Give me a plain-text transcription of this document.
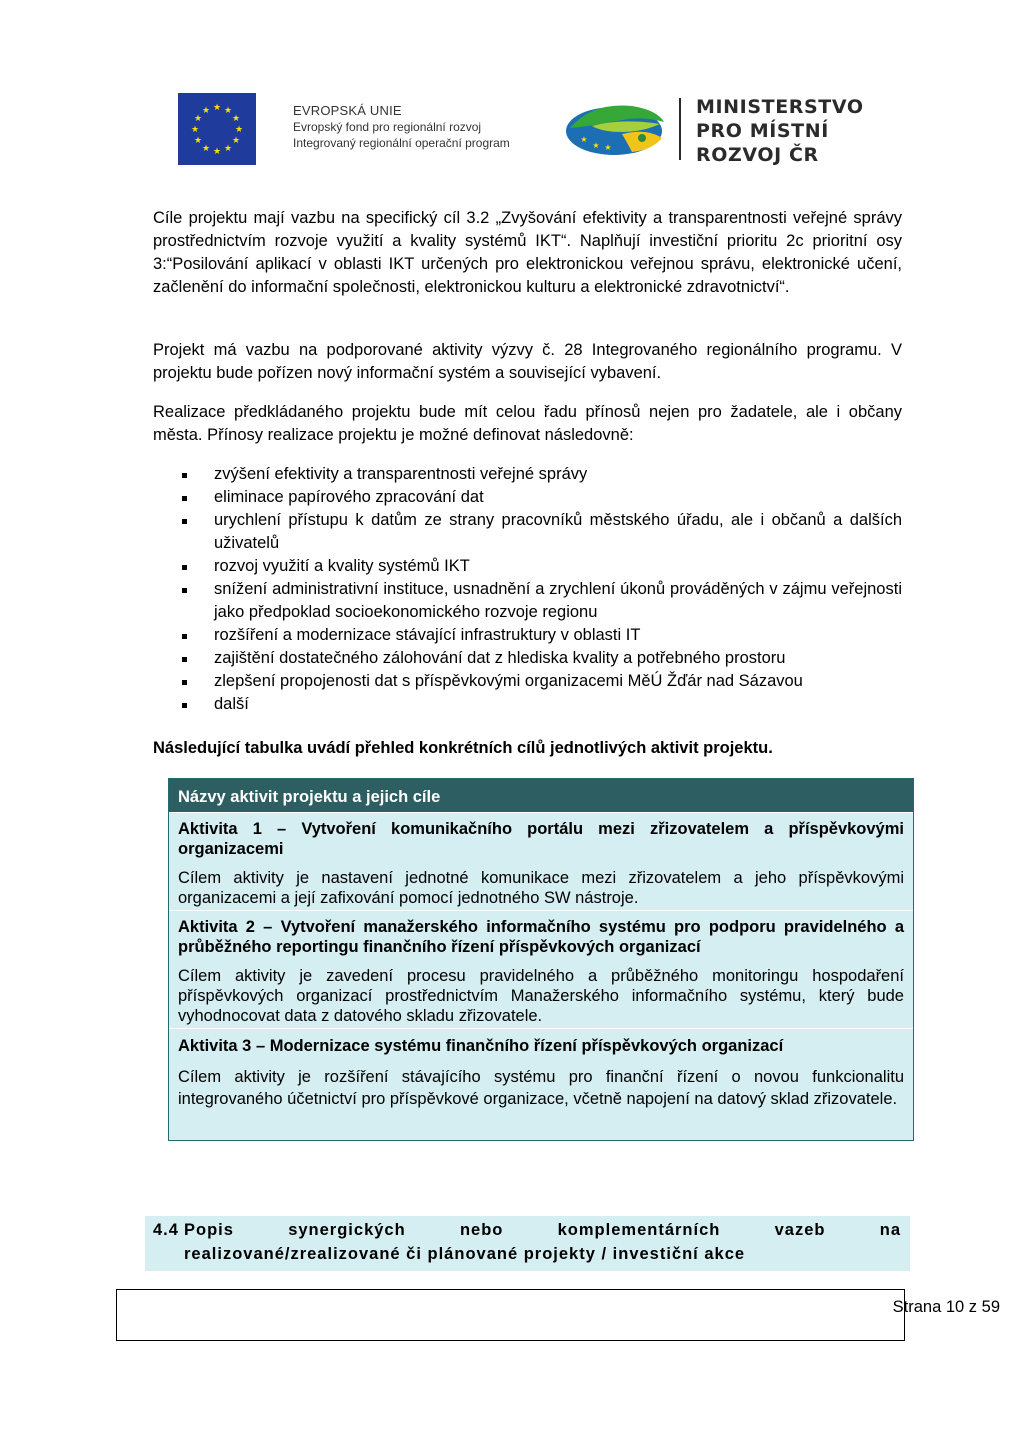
★ ★
★
★
★
★
★
★
★
★
★
★	EVROPSKÁ UNIE
Evropský fond pro regionální rozvoj
Integrovaný regionální operační program	★
★ ★
MINISTERSTVO
PRO MÍSTNÍ
ROZVOJ ČR
Cíle projektu mají vazbu na specifický cíl 3.2 „Zvyšování efektivity a transparentnosti veřejné správy prostřednictvím rozvoje využití a kvality systémů IKT“. Naplňují investiční prioritu 2c prioritní osy 3:“Posilování aplikací v oblasti IKT určených pro elektronickou veřejnou správu, elektronické učení, začlenění do informační společnosti, elektronickou kulturu a elektronické zdravotnictví“.
Projekt má vazbu na podporované aktivity výzvy č. 28 Integrovaného regionálního programu. V projektu bude pořízen nový informační systém a související vybavení.
Realizace předkládaného projektu bude mít celou řadu přínosů nejen pro žadatele, ale i občany města. Přínosy realizace projektu je možné definovat následovně:
zvýšení efektivity a transparentnosti veřejné správy
eliminace papírového zpracování dat
urychlení přístupu k datům ze strany pracovníků městského úřadu, ale i občanů a dalších uživatelů
rozvoj využití a kvality systémů IKT
snížení administrativní instituce, usnadnění a zrychlení úkonů prováděných v zájmu veřejnosti jako předpoklad socioekonomického rozvoje regionu
rozšíření a modernizace stávající infrastruktury v oblasti IT
zajištění dostatečného zálohování dat z hlediska kvality a potřebného prostoru
zlepšení propojenosti dat s příspěvkovými organizacemi MěÚ Žďár nad Sázavou
další
Následující tabulka uvádí přehled konkrétních cílů jednotlivých aktivit projektu.
Názvy aktivit projektu a jejich cíle
Aktivita 1 – Vytvoření komunikačního portálu mezi zřizovatelem a příspěvkovými organizacemi
Cílem aktivity je nastavení jednotné komunikace mezi zřizovatelem a jeho příspěvkovými organizacemi a její zafixování pomocí jednotného SW nástroje.
Aktivita 2 – Vytvoření manažerského informačního systému pro podporu pravidelného a průběžného reportingu finančního řízení příspěvkových organizací
Cílem aktivity je zavedení procesu pravidelného a průběžného monitoringu hospodaření příspěvkových organizací prostřednictvím Manažerského informačního systému, který bude vyhodnocovat data z datového skladu zřizovatele.
Aktivita 3 – Modernizace systému finančního řízení příspěvkových organizací
Cílem aktivity je rozšíření stávajícího systému pro finanční řízení o novou funkcionalitu integrovaného účetnictví pro příspěvkové organizace, včetně napojení na datový sklad zřizovatele.
4.4 Popis synergických nebo komplementárních vazeb na
realizované/zrealizované či plánované projekty / investiční akce
Strana 10 z 59
